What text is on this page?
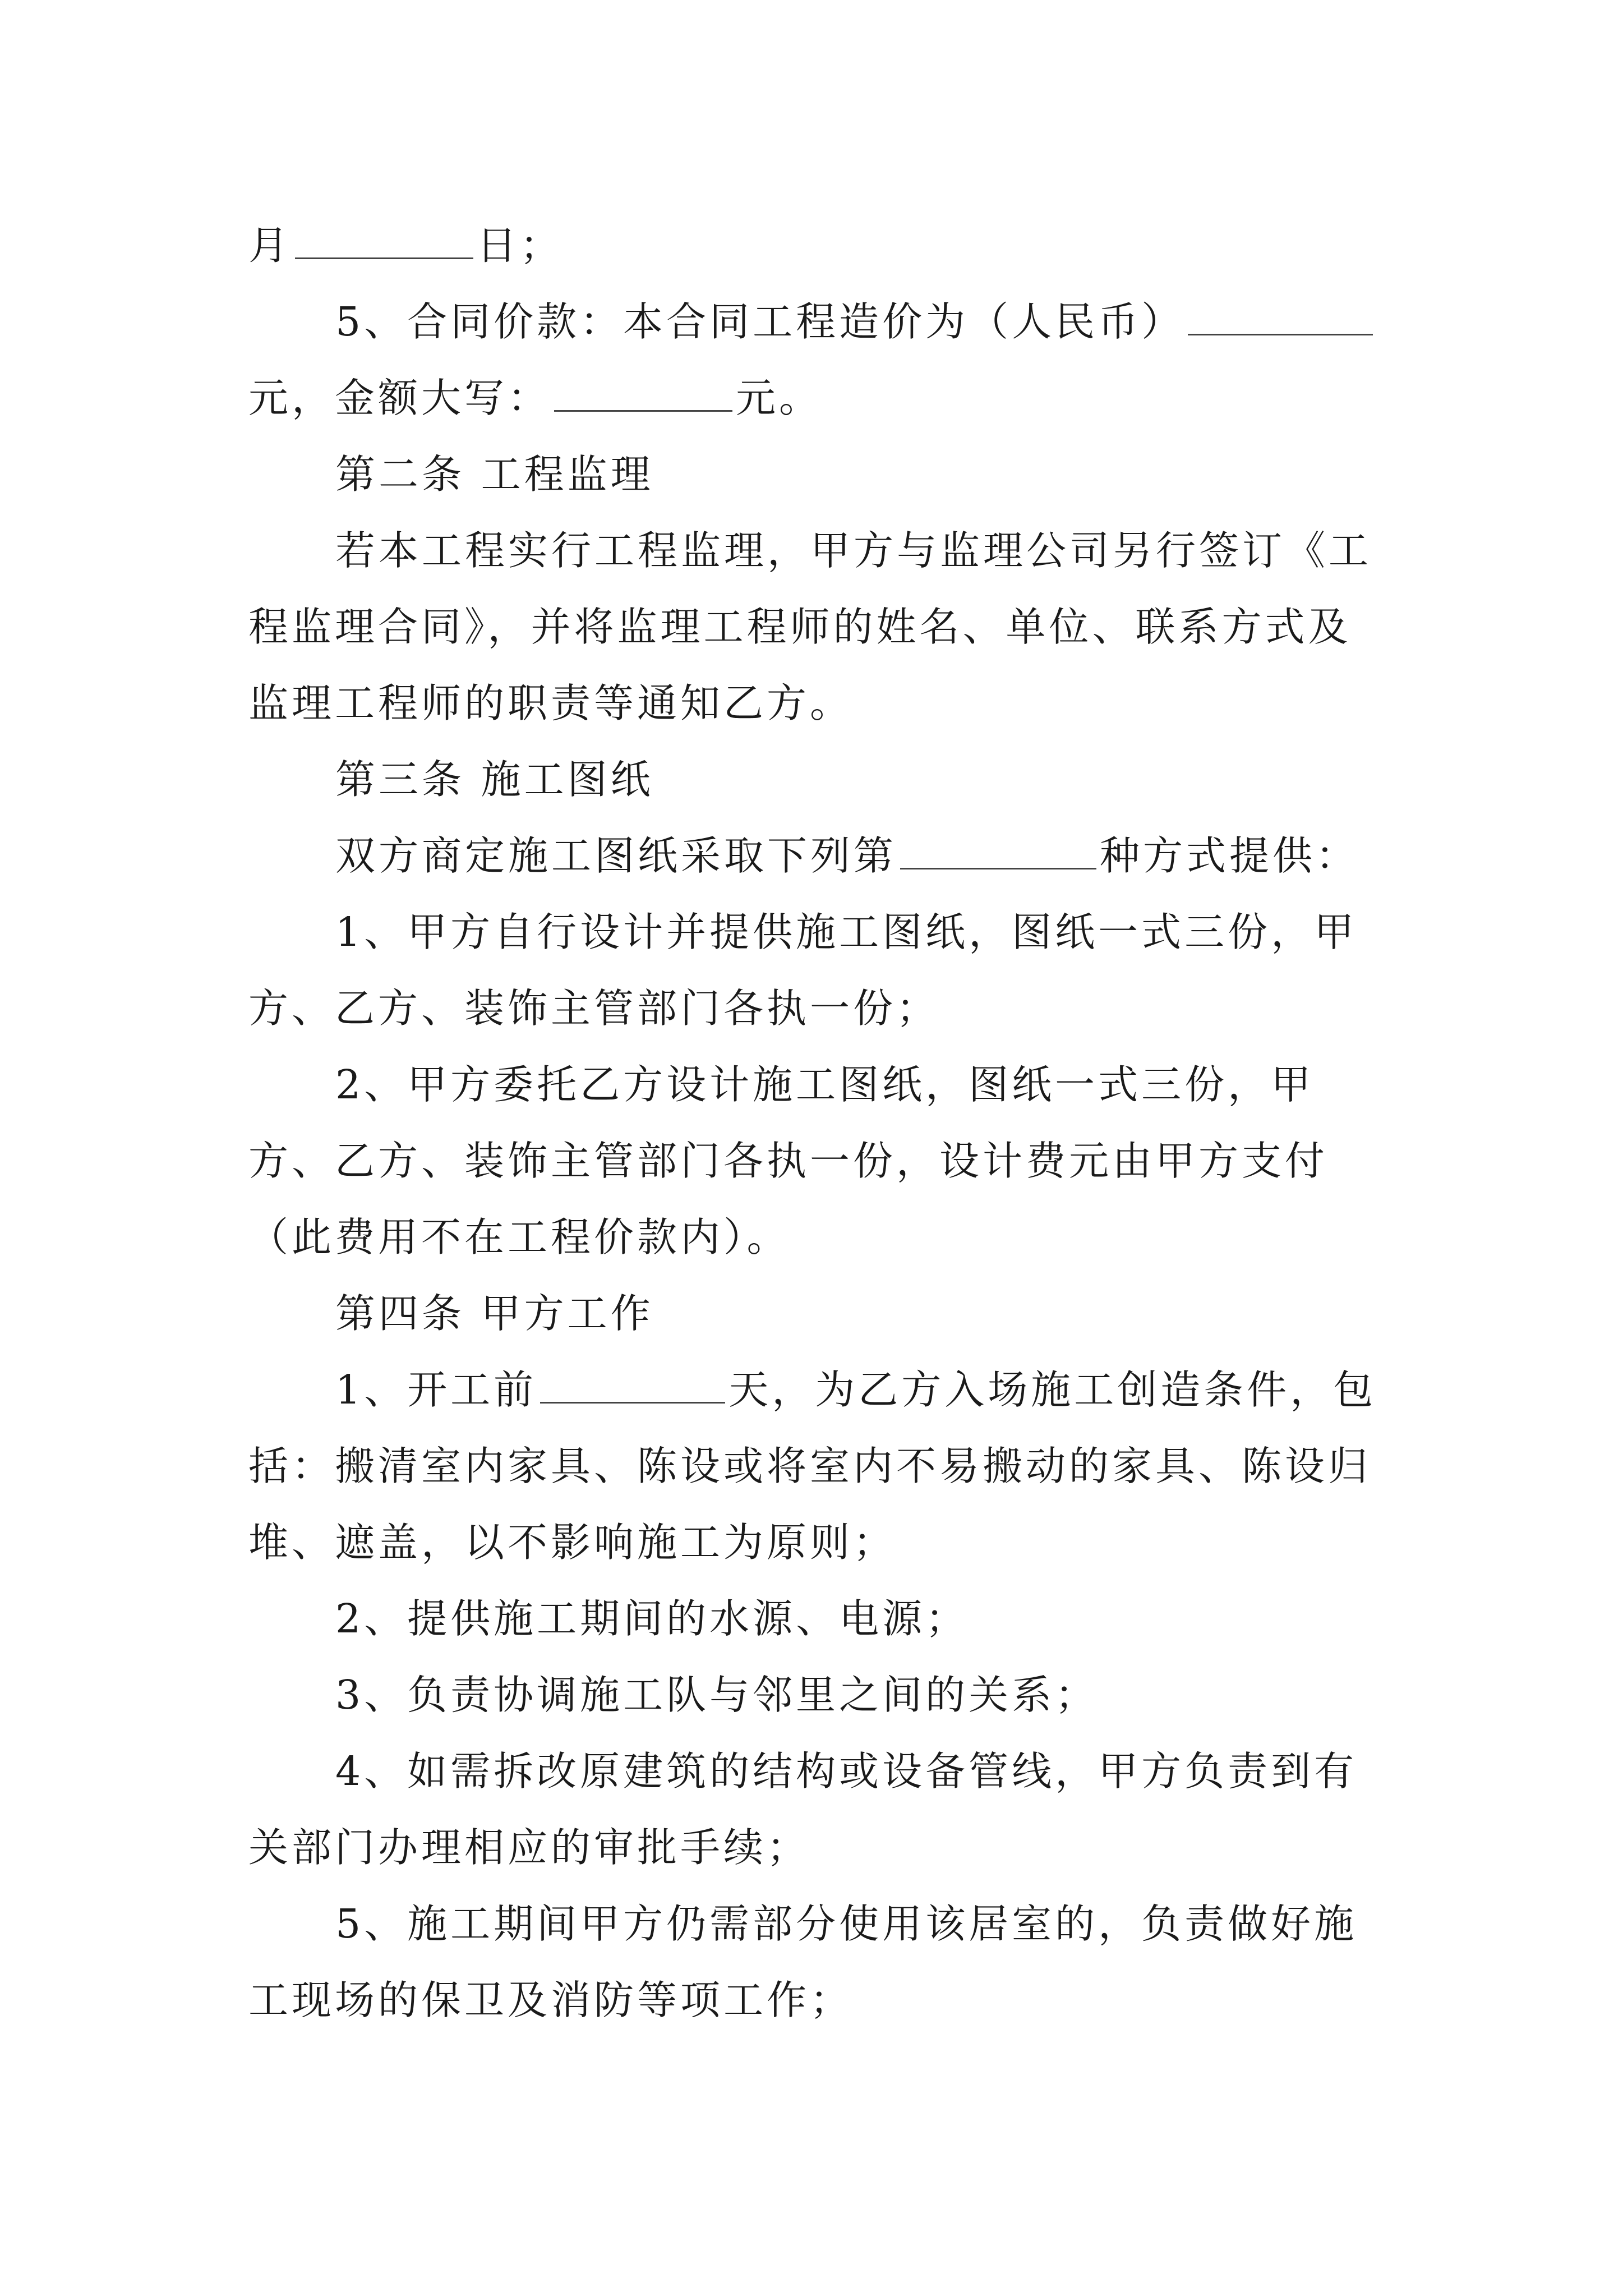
月	日；

5、合同价款：本合同工程造价为（人民币）元，金额大写：	元。

第二条 工程监理

若本工程实行工程监理，甲方与监理公司另行签订《工程监理合同》，并将监理工程师的姓名、单位、联系方式及监理工程师的职责等通知乙方。

第三条 施工图纸

双方商定施工图纸采取下列第	种方式提供：

1、甲方自行设计并提供施工图纸，图纸一式三份，甲方、乙方、装饰主管部门各执一份；

2、甲方委托乙方设计施工图纸，图纸一式三份，甲方、乙方、装饰主管部门各执一份，设计费元由甲方支付（此费用不在工程价款内）。

第四条 甲方工作

1、开工前	天，为乙方入场施工创造条件，包括：搬清室内家具、陈设或将室内不易搬动的家具、陈设归堆、遮盖，以不影响施工为原则；

2、提供施工期间的水源、电源；

3、负责协调施工队与邻里之间的关系；

4、如需拆改原建筑的结构或设备管线，甲方负责到有关部门办理相应的审批手续；

5、施工期间甲方仍需部分使用该居室的，负责做好施工现场的保卫及消防等项工作；
